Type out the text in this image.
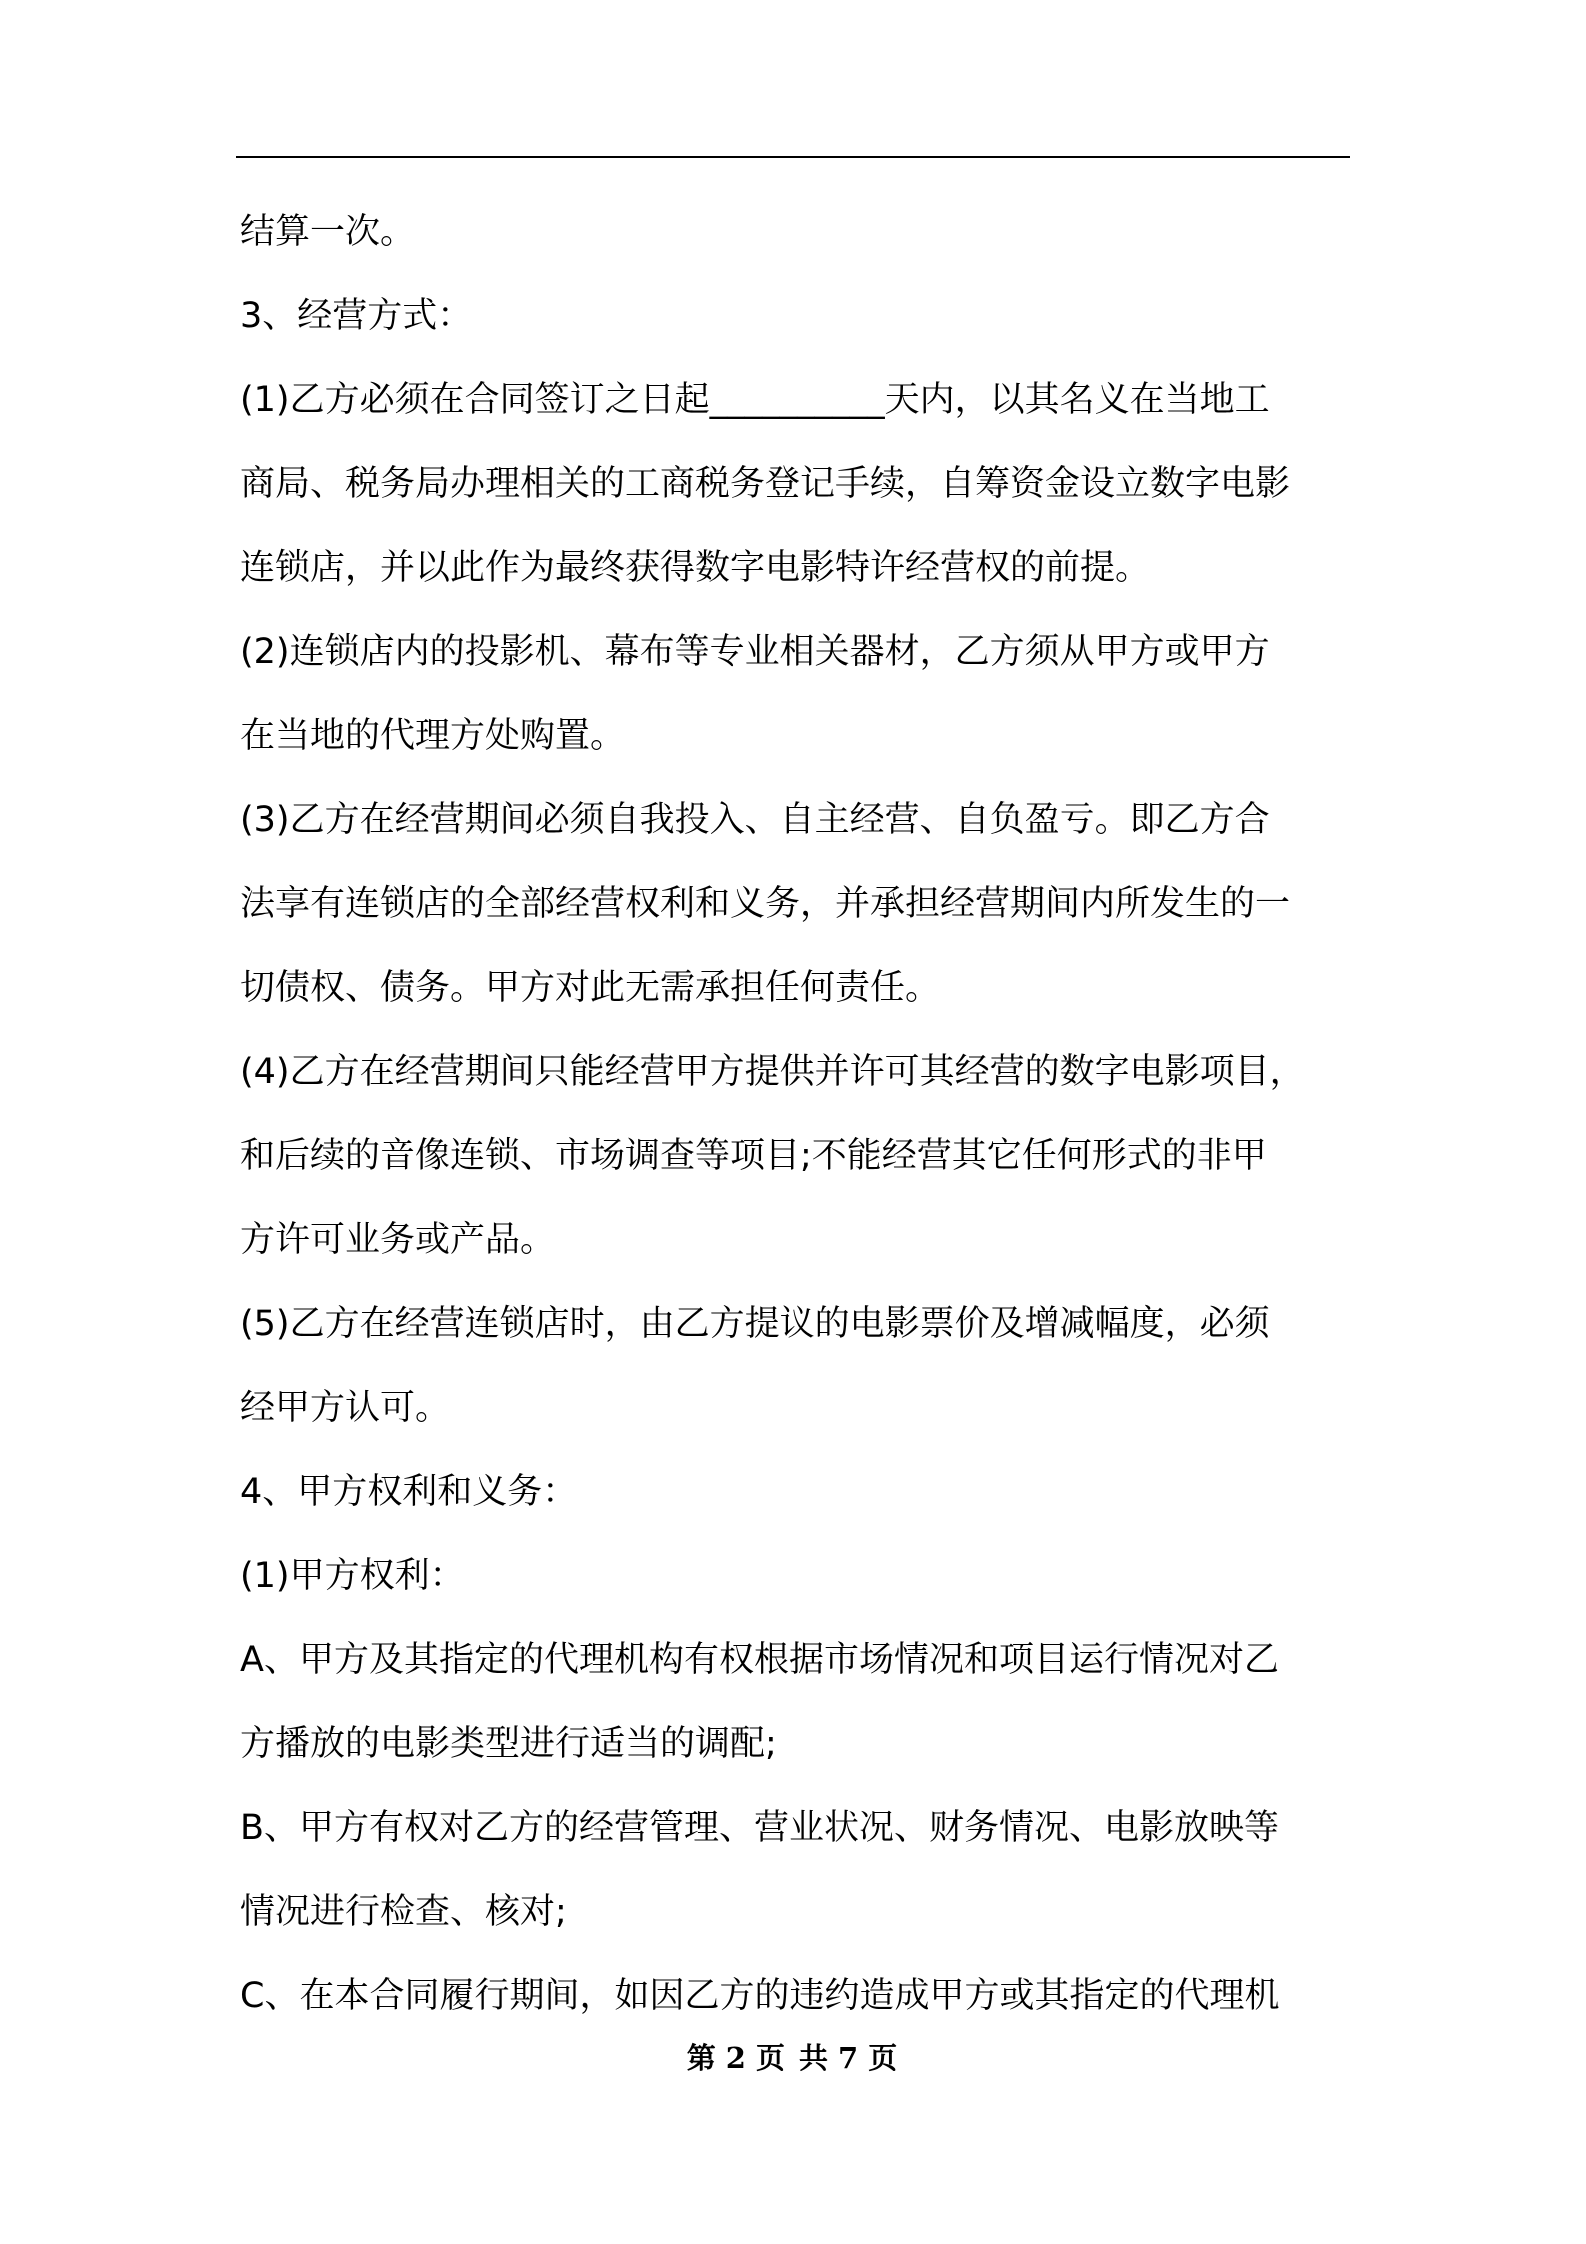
结算一次。
3、经营方式：
(1)乙方必须在合同签订之日起__________天内，以其名义在当地工
商局、税务局办理相关的工商税务登记手续，自筹资金设立数字电影
连锁店，并以此作为最终获得数字电影特许经营权的前提。
(2)连锁店内的投影机、幕布等专业相关器材，乙方须从甲方或甲方
在当地的代理方处购置。
(3)乙方在经营期间必须自我投入、自主经营、自负盈亏。即乙方合
法享有连锁店的全部经营权利和义务，并承担经营期间内所发生的一
切债权、债务。甲方对此无需承担任何责任。
(4)乙方在经营期间只能经营甲方提供并许可其经营的数字电影项目，
和后续的音像连锁、市场调查等项目;不能经营其它任何形式的非甲
方许可业务或产品。
(5)乙方在经营连锁店时，由乙方提议的电影票价及增减幅度，必须
经甲方认可。
4、甲方权利和义务：
(1)甲方权利：
A、甲方及其指定的代理机构有权根据市场情况和项目运行情况对乙
方播放的电影类型进行适当的调配;
B、甲方有权对乙方的经营管理、营业状况、财务情况、电影放映等
情况进行检查、核对;
C、在本合同履行期间，如因乙方的违约造成甲方或其指定的代理机
第 2 页 共 7 页
